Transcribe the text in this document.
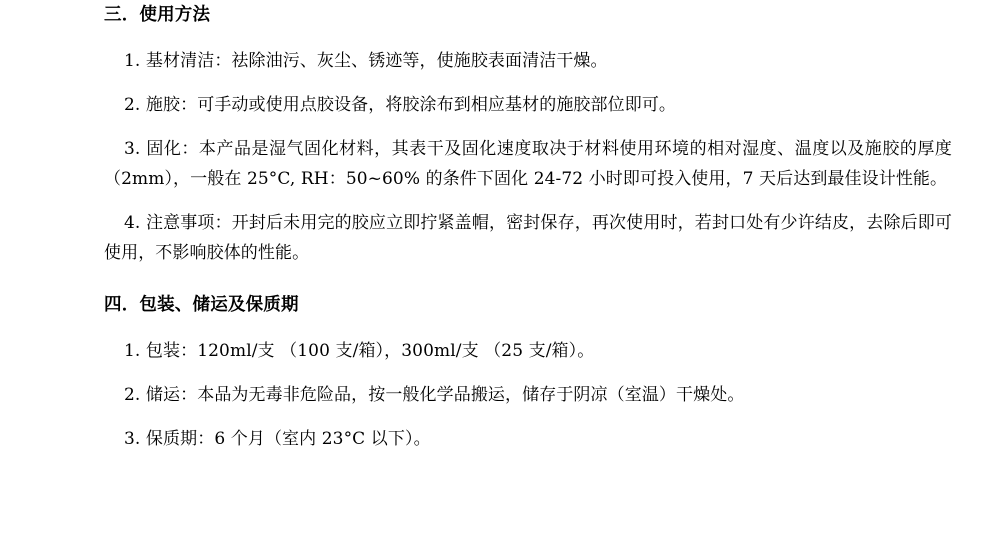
三．使用方法

1. 基材清洁：祛除油污、灰尘、锈迹等，使施胶表面清洁干燥。

2. 施胶：可手动或使用点胶设备，将胶涂布到相应基材的施胶部位即可。

3. 固化：本产品是湿气固化材料，其表干及固化速度取决于材料使用环境的相对湿度、温度以及施胶的厚度（2mm），一般在 25°C, RH：50~60% 的条件下固化 24-72 小时即可投入使用，7 天后达到最佳设计性能。

4. 注意事项：开封后未用完的胶应立即拧紧盖帽，密封保存，再次使用时，若封口处有少许结皮，去除后即可使用，不影响胶体的性能。

四．包装、储运及保质期

1. 包装：120ml/支 （100 支/箱），300ml/支 （25 支/箱）。

2. 储运：本品为无毒非危险品，按一般化学品搬运，储存于阴凉（室温）干燥处。

3. 保质期：6 个月（室内 23°C 以下）。
